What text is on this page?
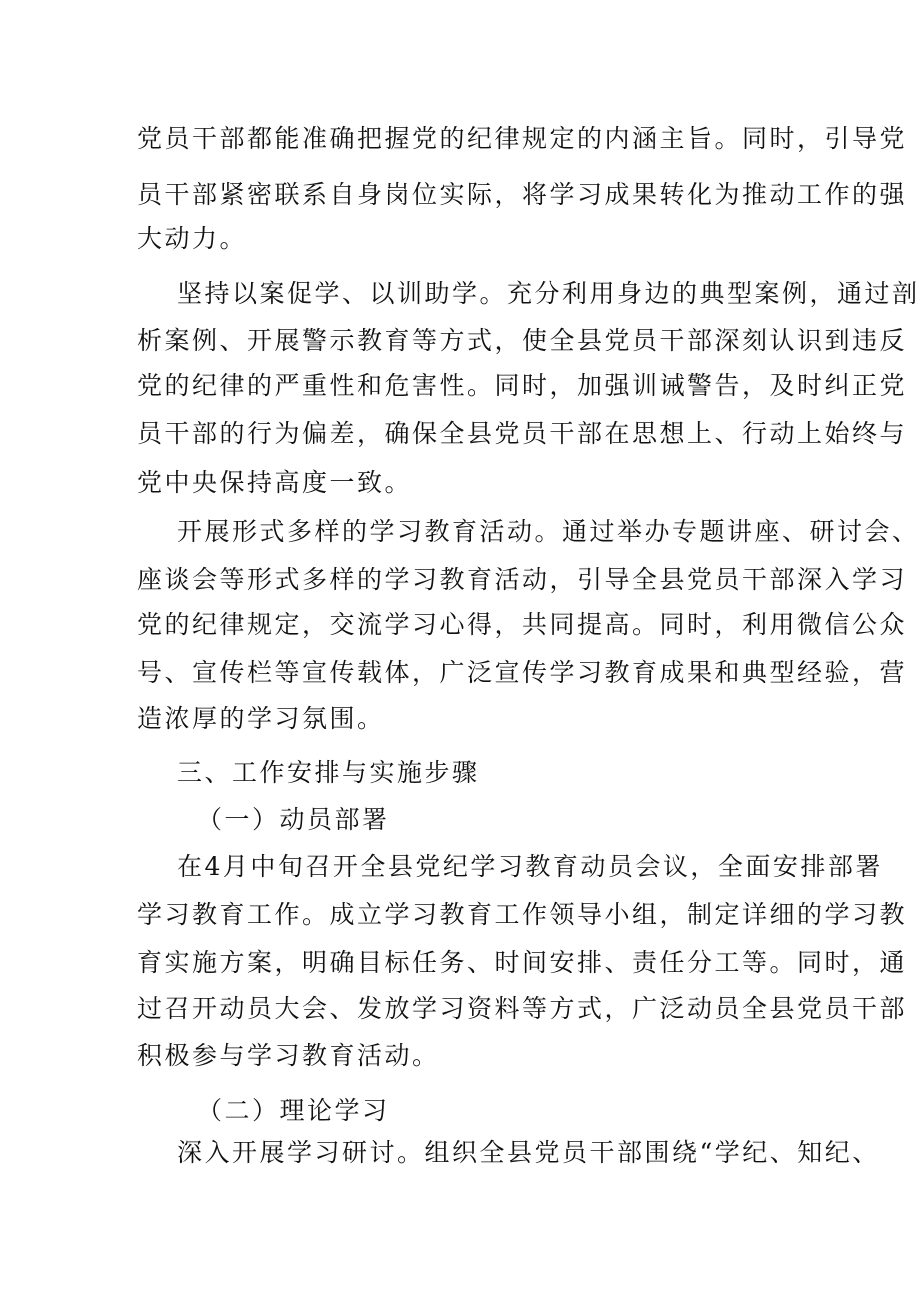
党员干部都能准确把握党的纪律规定的内涵主旨。同时，引导党
员干部紧密联系自身岗位实际，将学习成果转化为推动工作的强
大动力。
坚持以案促学、以训助学。充分利用身边的典型案例，通过剖
析案例、开展警示教育等方式，使全县党员干部深刻认识到违反
党的纪律的严重性和危害性。同时，加强训诫警告，及时纠正党
员干部的行为偏差，确保全县党员干部在思想上、行动上始终与
党中央保持高度一致。
开展形式多样的学习教育活动。通过举办专题讲座、研讨会、
座谈会等形式多样的学习教育活动，引导全县党员干部深入学习
党的纪律规定，交流学习心得，共同提高。同时，利用微信公众
号、宣传栏等宣传载体，广泛宣传学习教育成果和典型经验，营
造浓厚的学习氛围。
三、工作安排与实施步骤
（一）动员部署
在4月中旬召开全县党纪学习教育动员会议，全面安排部署
学习教育工作。成立学习教育工作领导小组，制定详细的学习教
育实施方案，明确目标任务、时间安排、责任分工等。同时，通
过召开动员大会、发放学习资料等方式，广泛动员全县党员干部
积极参与学习教育活动。
（二）理论学习
深入开展学习研讨。组织全县党员干部围绕“学纪、知纪、
